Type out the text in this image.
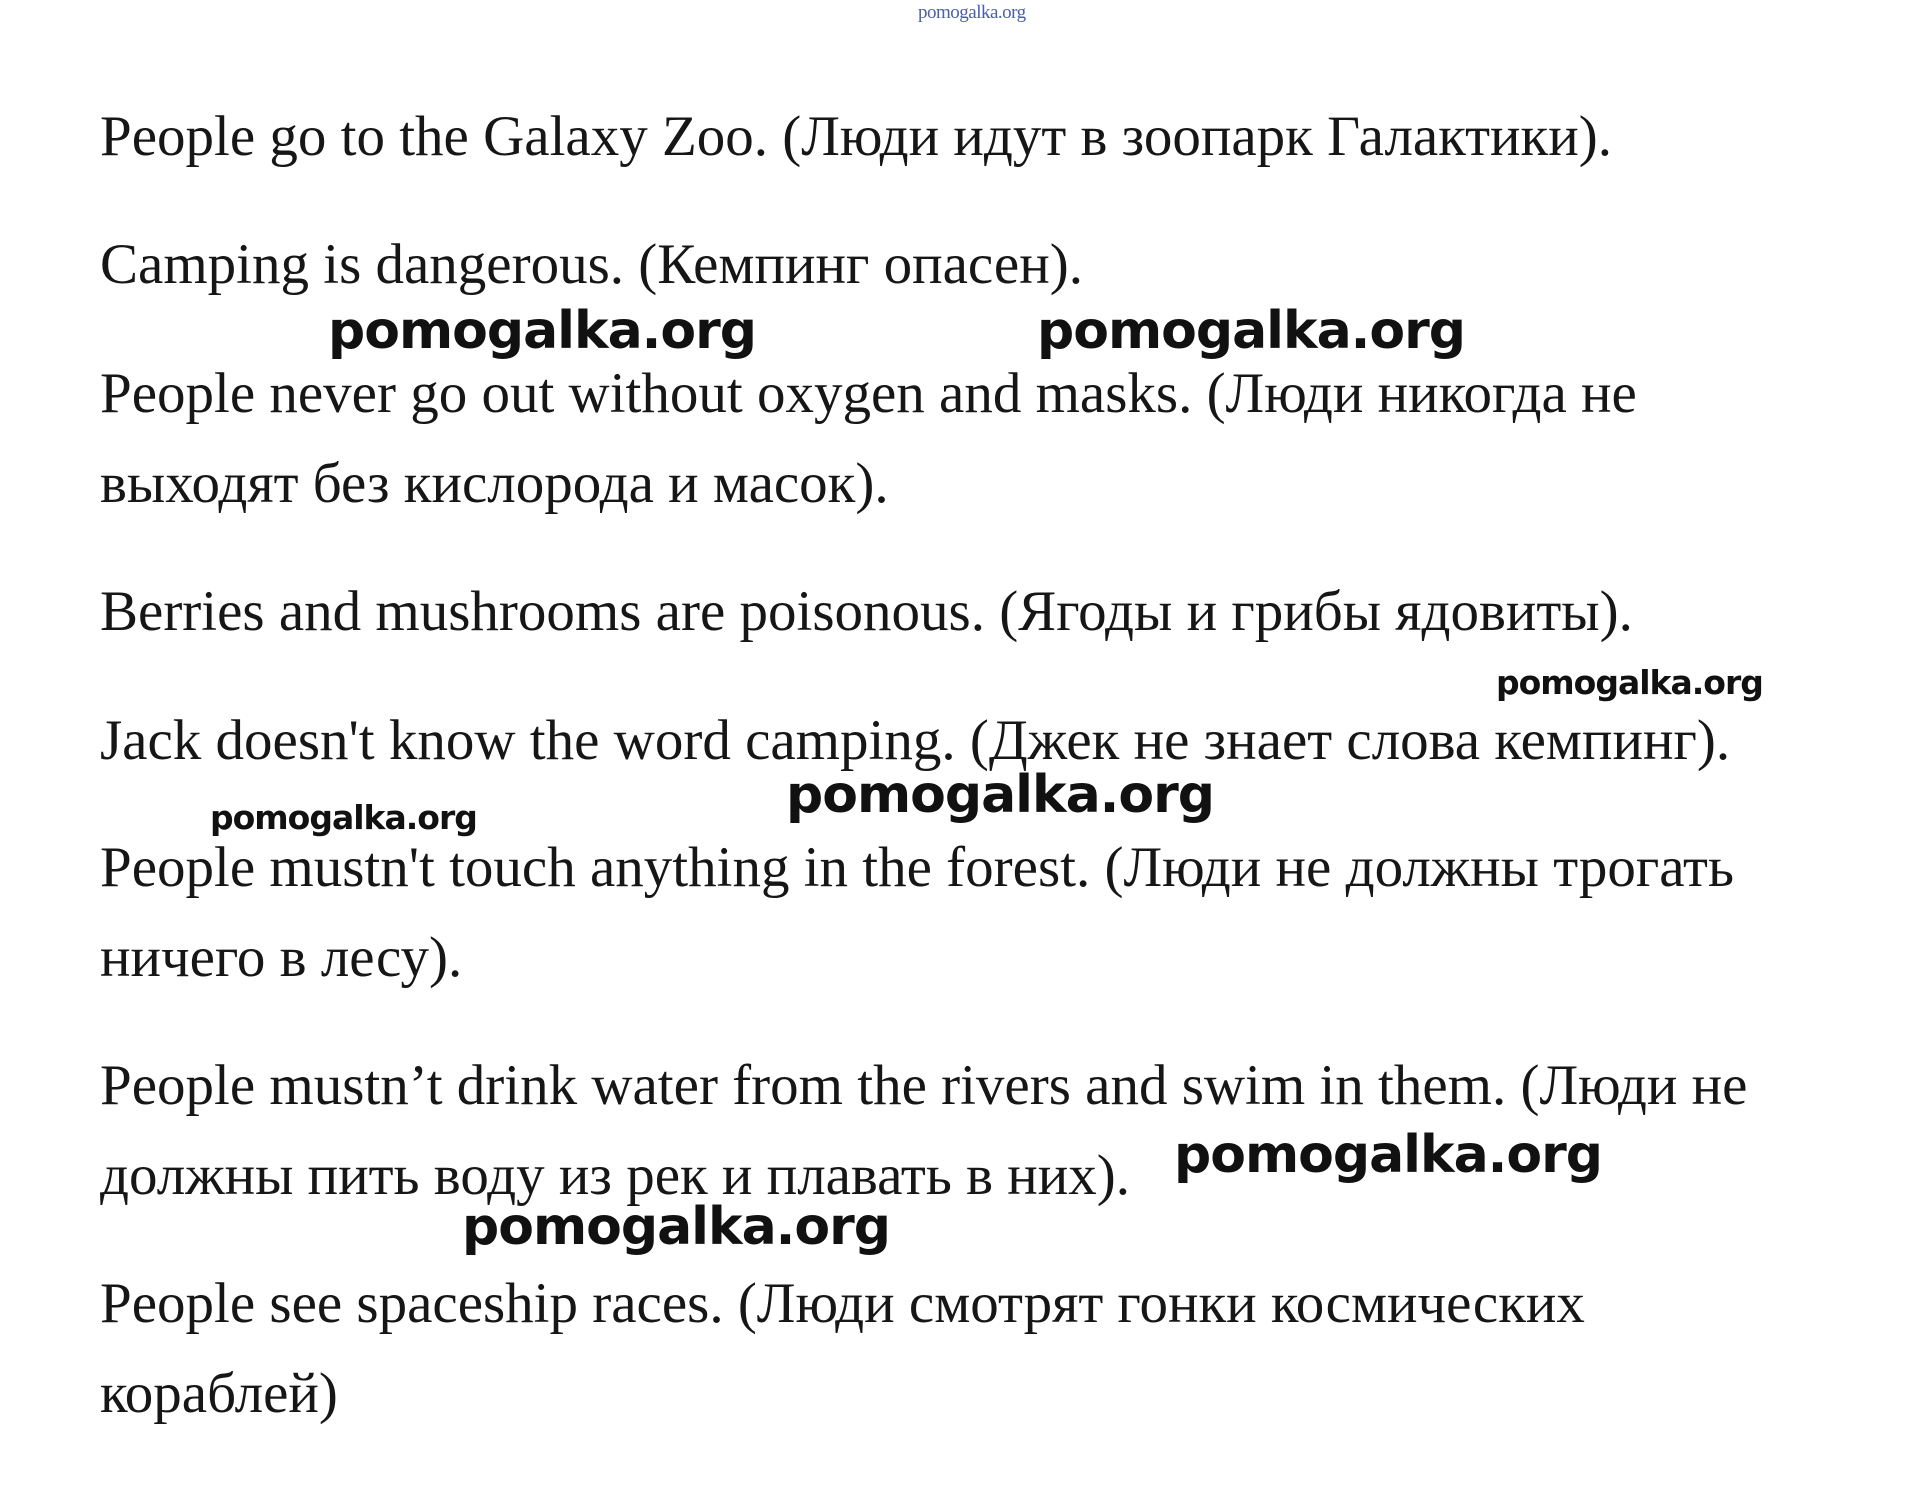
pomogalka.org
People go to the Galaxy Zoo. (Люди идут в зоопарк Галактики).
Camping is dangerous. (Кемпинг опасен).
People never go out without oxygen and masks. (Люди никогда не
выходят без кислорода и масок).
Berries and mushrooms are poisonous. (Ягоды и грибы ядовиты).
Jack doesn't know the word camping. (Джек не знает слова кемпинг).
People mustn't touch anything in the forest. (Люди не должны трогать
ничего в лесу).
People mustn’t drink water from the rivers and swim in them. (Люди не
должны пить воду из рек и плавать в них).
People see spaceship races. (Люди смотрят гонки космических
кораблей)
pomogalka.org	pomogalka.org
pomogalka.org
pomogalka.org
pomogalka.org
pomogalka.org
pomogalka.org
